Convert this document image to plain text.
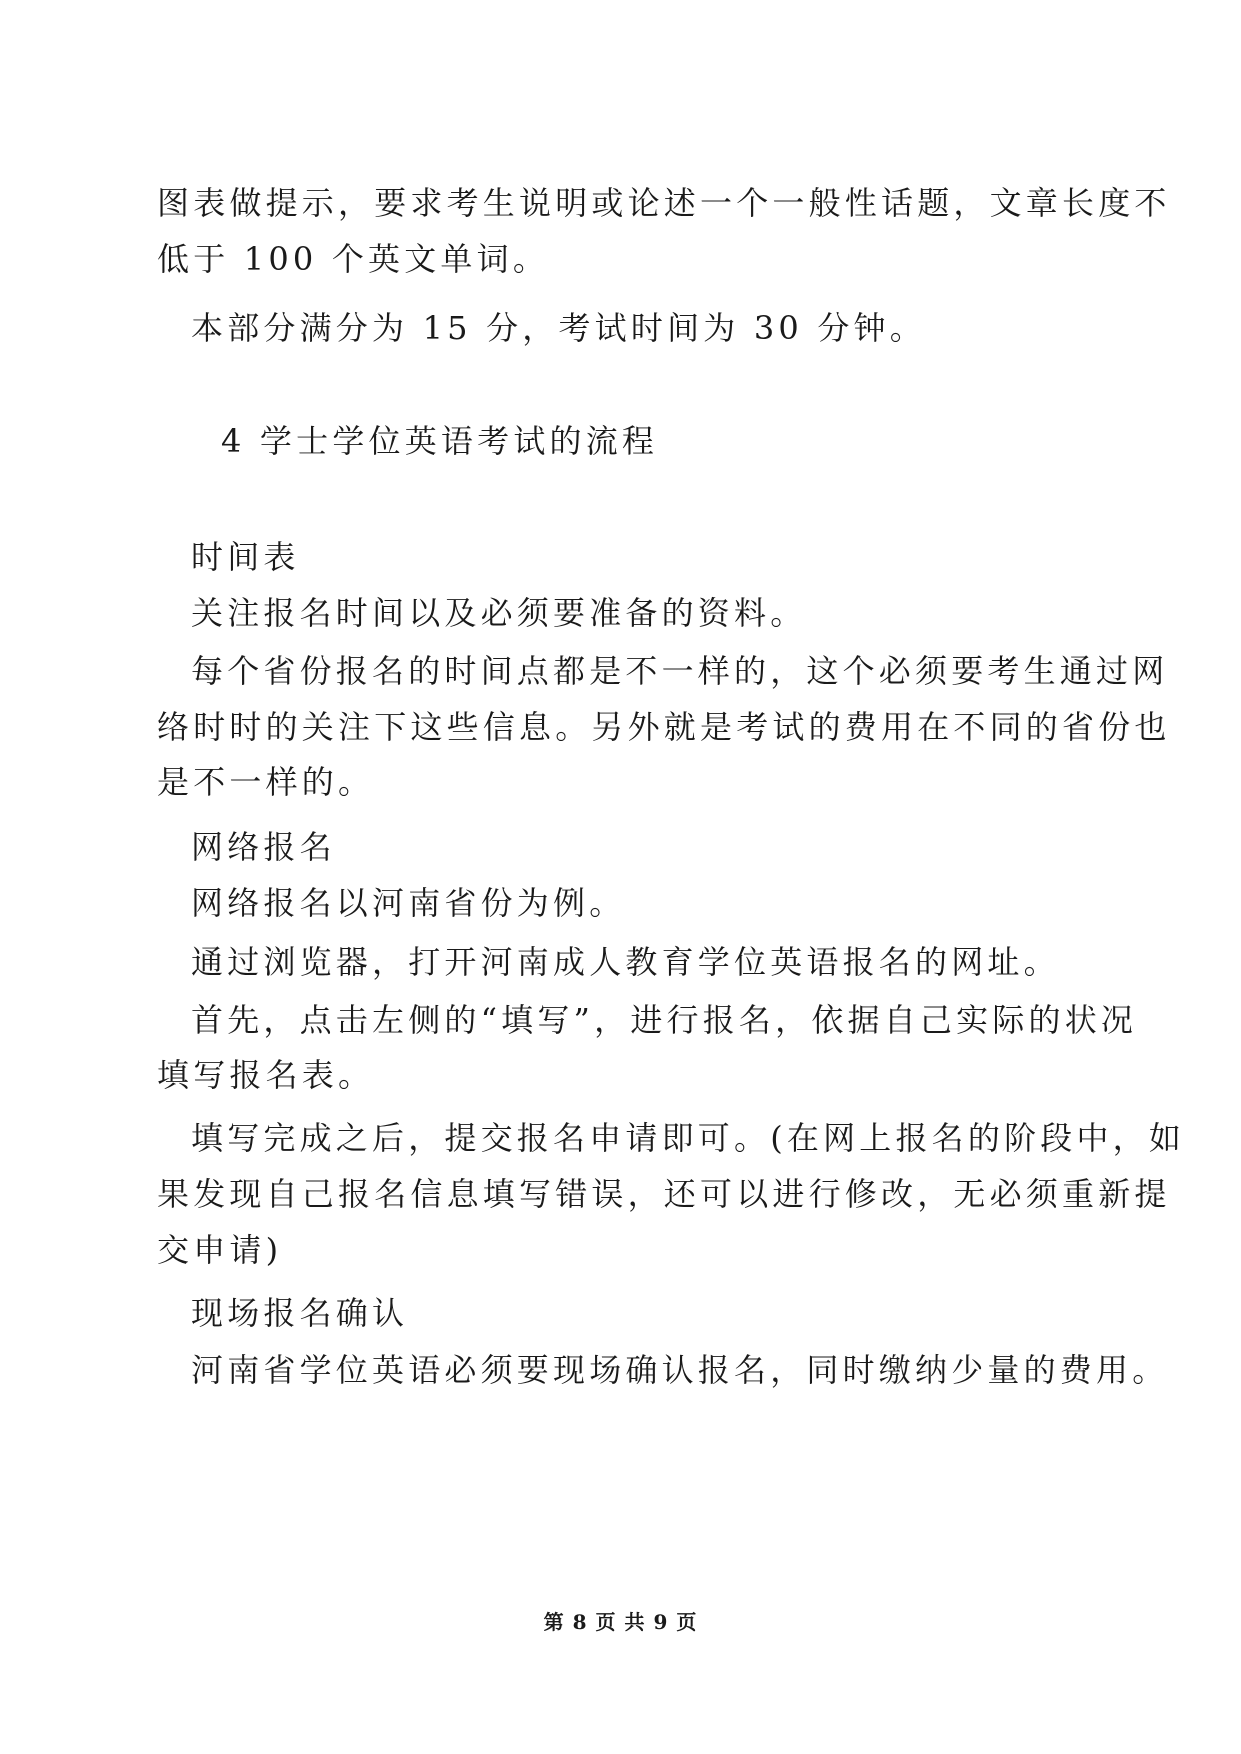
图表做提示，要求考生说明或论述一个一般性话题，文章长度不
低于 100 个英文单词。
本部分满分为 15 分，考试时间为 30 分钟。
4 学士学位英语考试的流程
时间表
关注报名时间以及必须要准备的资料。
每个省份报名的时间点都是不一样的，这个必须要考生通过网
络时时的关注下这些信息。另外就是考试的费用在不同的省份也
是不一样的。
网络报名
网络报名以河南省份为例。
通过浏览器，打开河南成人教育学位英语报名的网址。
首先，点击左侧的“填写”，进行报名，依据自己实际的状况
填写报名表。
填写完成之后，提交报名申请即可。(在网上报名的阶段中，如
果发现自己报名信息填写错误，还可以进行修改，无必须重新提
交申请)
现场报名确认
河南省学位英语必须要现场确认报名，同时缴纳少量的费用。
第 8 页 共 9 页
